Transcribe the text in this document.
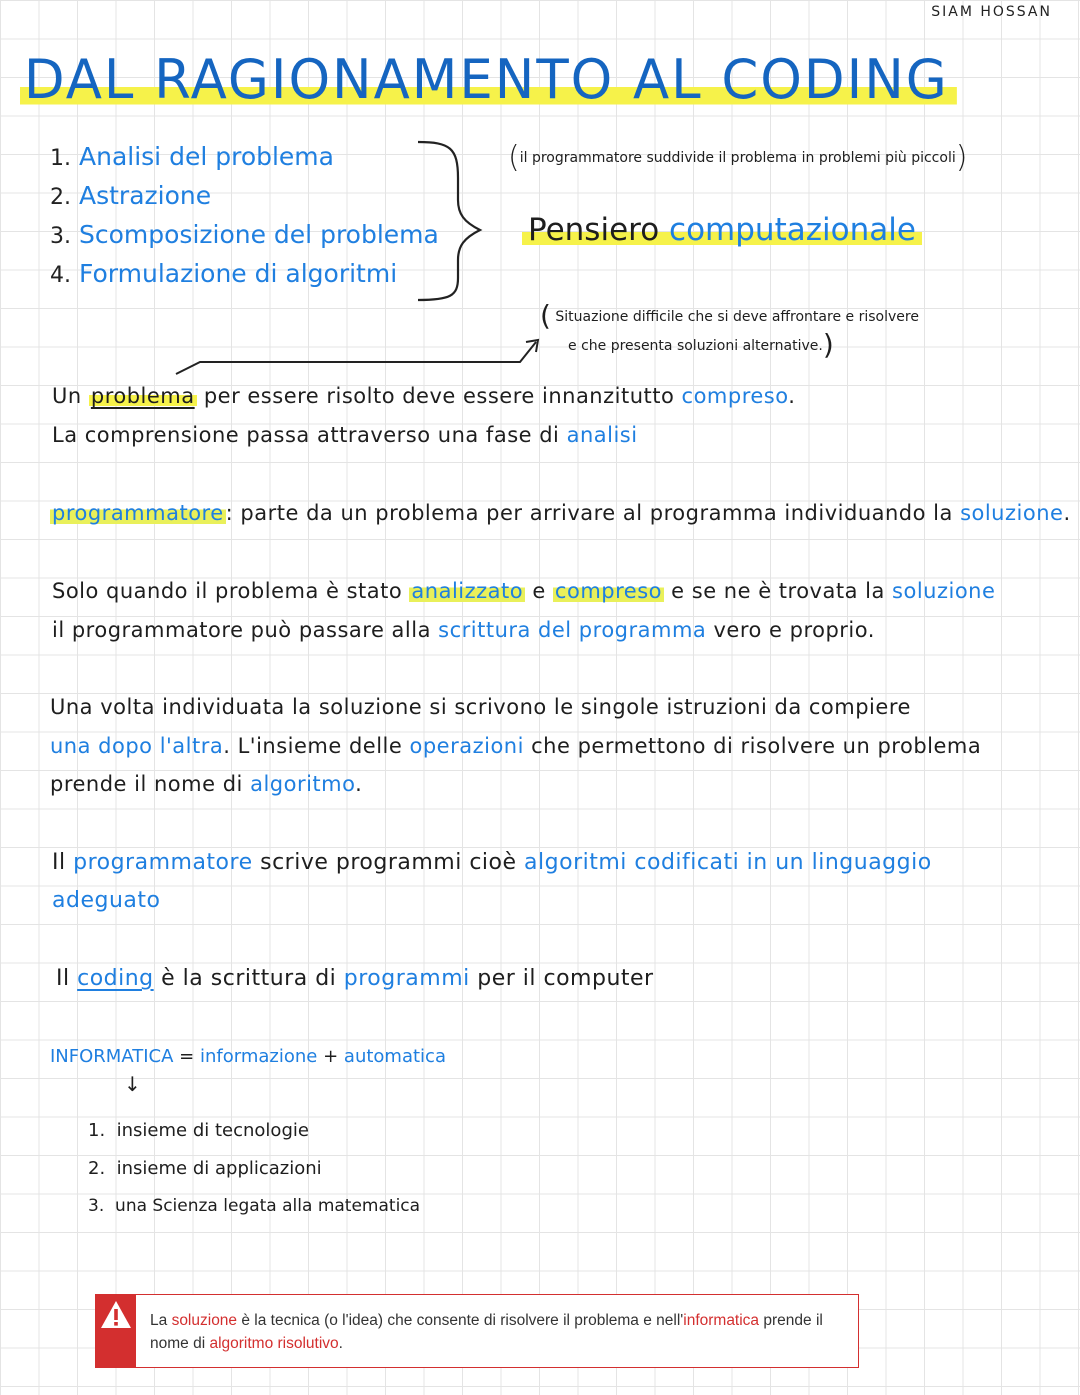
SIAM HOSSAN
DAL RAGIONAMENTO AL CODING
1. Analisi del problema
2. Astrazione
3. Scomposizione del problema
4. Formulazione di algoritmi
(il programmatore suddivide il problema in problemi più piccoli)
Pensiero computazionale
( Situazione difficile che si deve affrontare e risolvere
e che presenta soluzioni alternative.)
Un problema per essere risolto deve essere innanzitutto compreso.
La comprensione passa attraverso una fase di analisi
programmatore: parte da un problema per arrivare al programma individuando la soluzione.
Solo quando il problema è stato analizzato e compreso e se ne è trovata la soluzione
il programmatore può passare alla scrittura del programma vero e proprio.
Una volta individuata la soluzione si scrivono le singole istruzioni da compiere
una dopo l'altra. L'insieme delle operazioni che permettono di risolvere un problema
prende il nome di algoritmo.
Il programmatore scrive programmi cioè algoritmi codificati in un linguaggio
adeguato
Il coding è la scrittura di programmi per il computer
INFORMATICA = informazione + automatica
↓
1. insieme di tecnologie
2. insieme di applicazioni
3. una Scienza legata alla matematica
La soluzione è la tecnica (o l'idea) che consente di risolvere il problema e nell'informatica prende il nome di algoritmo risolutivo.
